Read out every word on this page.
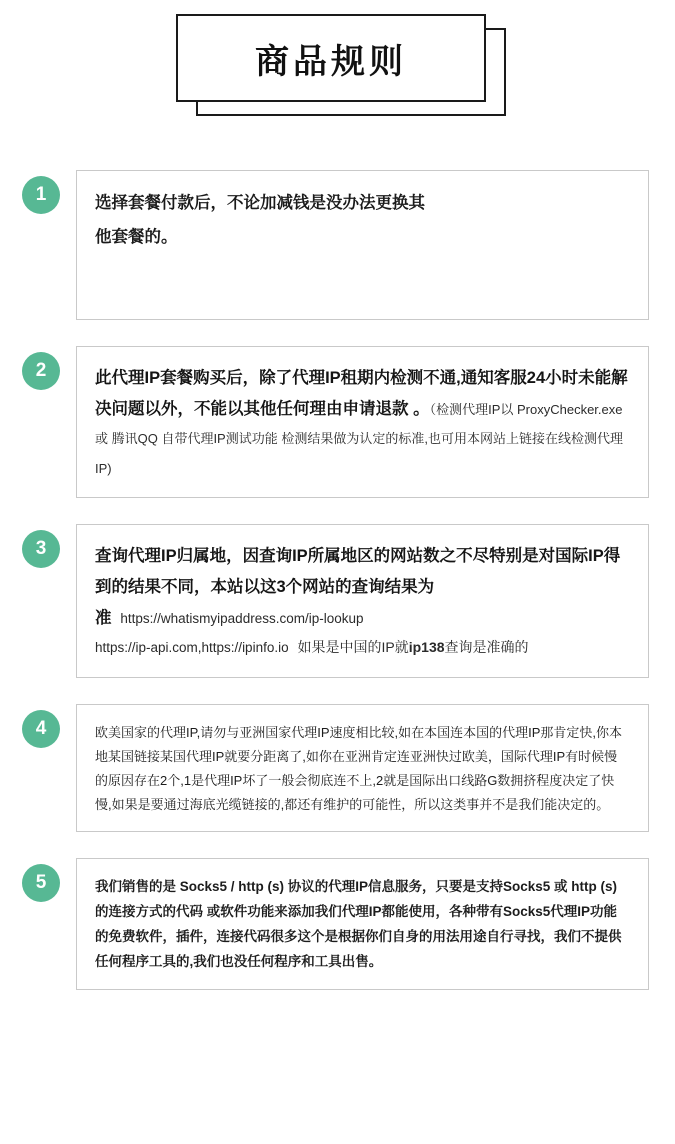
商品规则
1	选择套餐付款后，不论加减钱是没办法更换其

他套餐的。

2	此代理IP套餐购买后，除了代理IP租期内检测不通,通知客服24小时未能解决问题以外，不能以其他任何理由申请退款 。（检测代理IP以 ProxyChecker.exe 或 腾讯QQ 自带代理IP测试功能 检测结果做为认定的标准,也可用本网站上链接在线检测代理IP)

3	查询代理IP归属地，因查询IP所属地区的网站数之不尽特别是对国际IP得到的结果不同，本站以这3个网站的查询结果为准 https://whatismyipaddress.com/ip-lookup

https://ip-api.com,https://ipinfo.io 如果是中国的IP就ip138查询是准确的

4	欧美国家的代理IP,请勿与亚洲国家代理IP速度相比较,如在本国连本国的代理IP那肯定快,你本地某国链接某国代理IP就要分距离了,如你在亚洲肯定连亚洲快过欧美，国际代理IP有时候慢的原因存在2个,1是代理IP坏了一般会彻底连不上,2就是国际出口线路G数拥挤程度决定了快慢,如果是要通过海底光缆链接的,都还有维护的可能性，所以这类事并不是我们能决定的。

5	我们销售的是 Socks5 / http (s) 协议的代理IP信息服务，只要是支持Socks5 或 http (s) 的连接方式的代码 或软件功能来添加我们代理IP都能使用，各种带有Socks5代理IP功能的免费软件，插件，连接代码很多这个是根据你们自身的用法用途自行寻找，我们不提供任何程序工具的,我们也没任何程序和工具出售。
